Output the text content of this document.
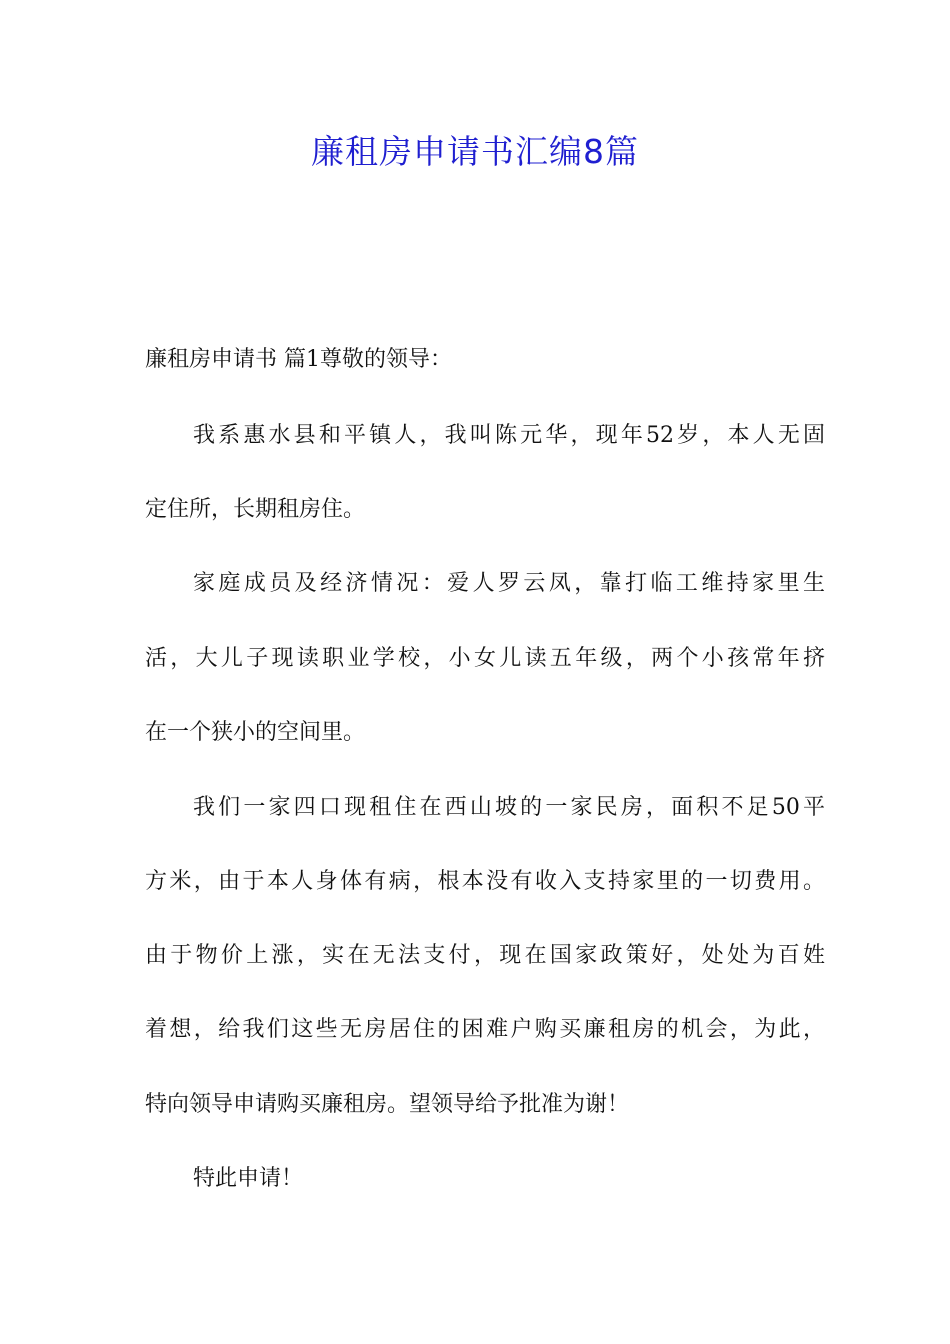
廉租房申请书汇编8篇

廉租房申请书 篇1尊敬的领导：

我系惠水县和平镇人，我叫陈元华，现年52岁，本人无固

定住所，长期租房住。

家庭成员及经济情况：爱人罗云凤，靠打临工维持家里生

活，大儿子现读职业学校，小女儿读五年级，两个小孩常年挤

在一个狭小的空间里。

我们一家四口现租住在西山坡的一家民房，面积不足50平

方米，由于本人身体有病，根本没有收入支持家里的一切费用。

由于物价上涨，实在无法支付，现在国家政策好，处处为百姓

着想，给我们这些无房居住的困难户购买廉租房的机会，为此，

特向领导申请购买廉租房。望领导给予批准为谢！

特此申请！
